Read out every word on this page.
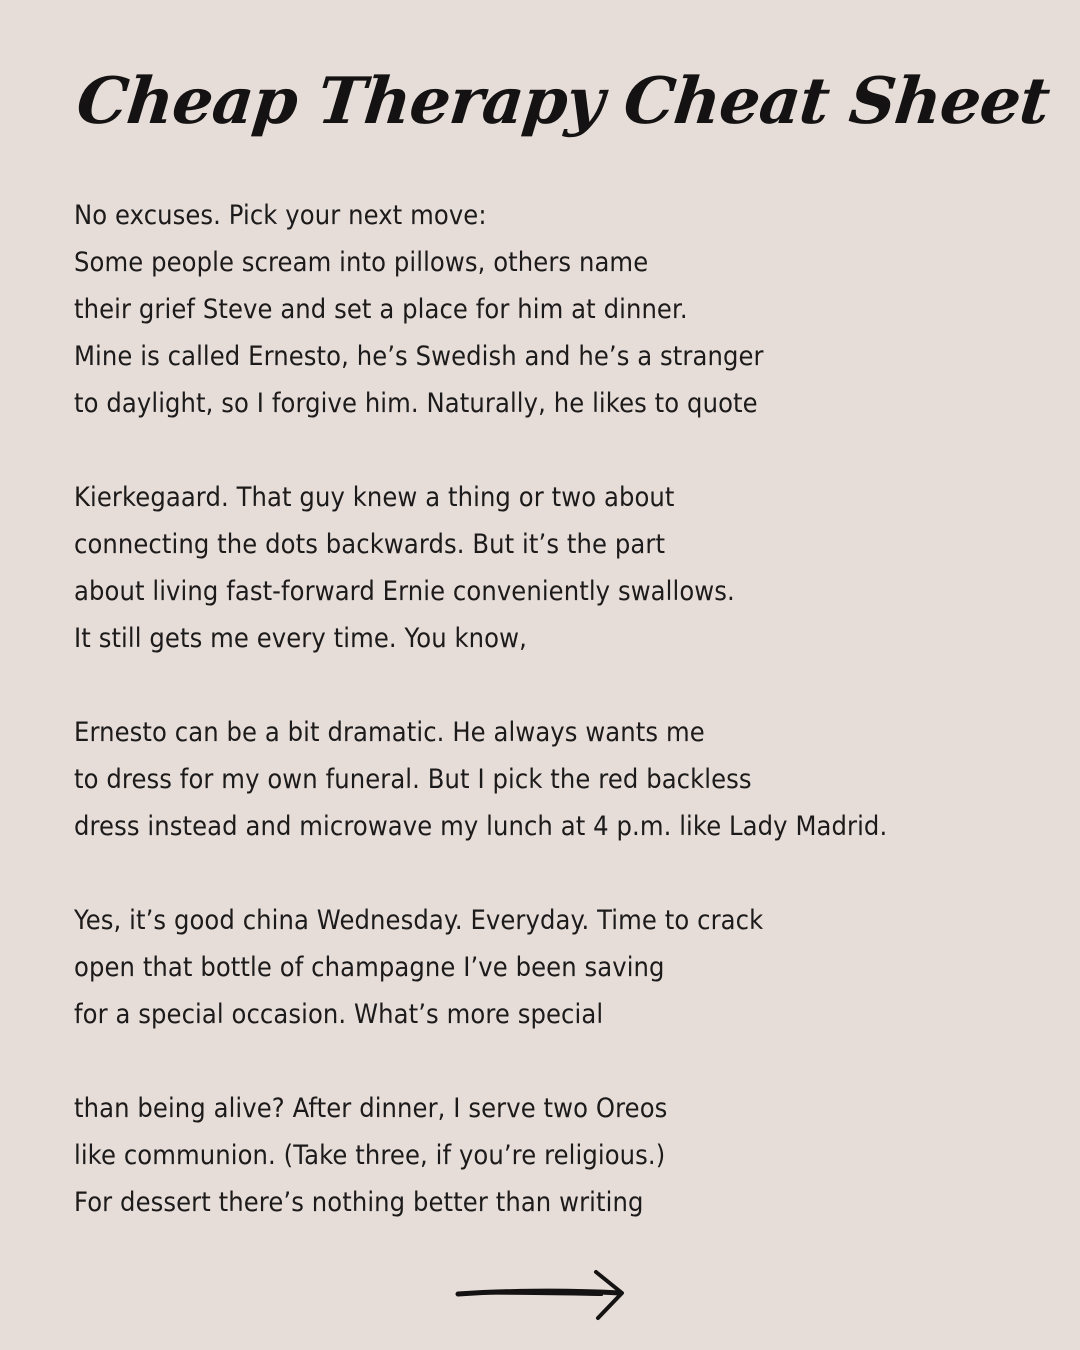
Cheap Therapy Cheat Sheet
No excuses. Pick your next move:
Some people scream into pillows, others name
their grief Steve and set a place for him at dinner.
Mine is called Ernesto, he’s Swedish and he’s a stranger
to daylight, so I forgive him. Naturally, he likes to quote
Kierkegaard. That guy knew a thing or two about
connecting the dots backwards. But it’s the part
about living fast-forward Ernie conveniently swallows.
It still gets me every time. You know,
Ernesto can be a bit dramatic. He always wants me
to dress for my own funeral. But I pick the red backless
dress instead and microwave my lunch at 4 p.m. like Lady Madrid.
Yes, it’s good china Wednesday. Everyday. Time to crack
open that bottle of champagne I’ve been saving
for a special occasion. What’s more special
than being alive? After dinner, I serve two Oreos
like communion. (Take three, if you’re religious.)
For dessert there’s nothing better than writing
